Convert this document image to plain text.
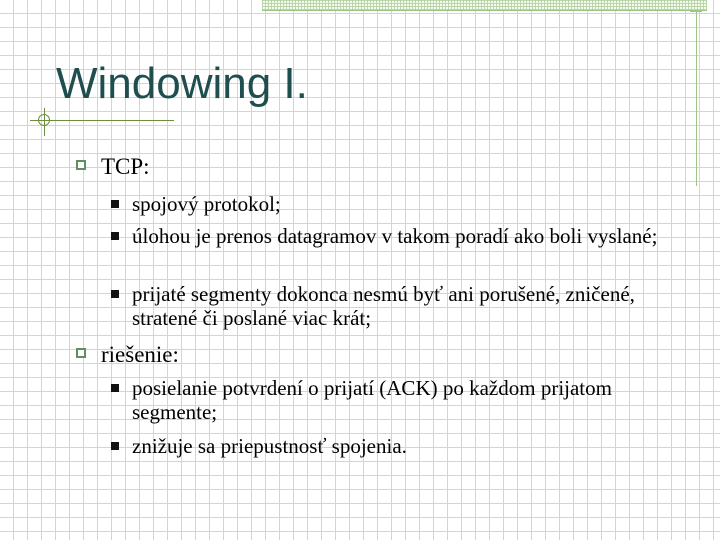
Windowing I.
TCP:
spojový protokol;
úlohou je prenos datagramov v takom poradí ako boli vyslané;
prijaté segmenty dokonca nesmú byť ani porušené, zničené, stratené či poslané viac krát;
riešenie:
posielanie potvrdení o prijatí (ACK) po každom prijatom segmente;
znižuje sa priepustnosť spojenia.
